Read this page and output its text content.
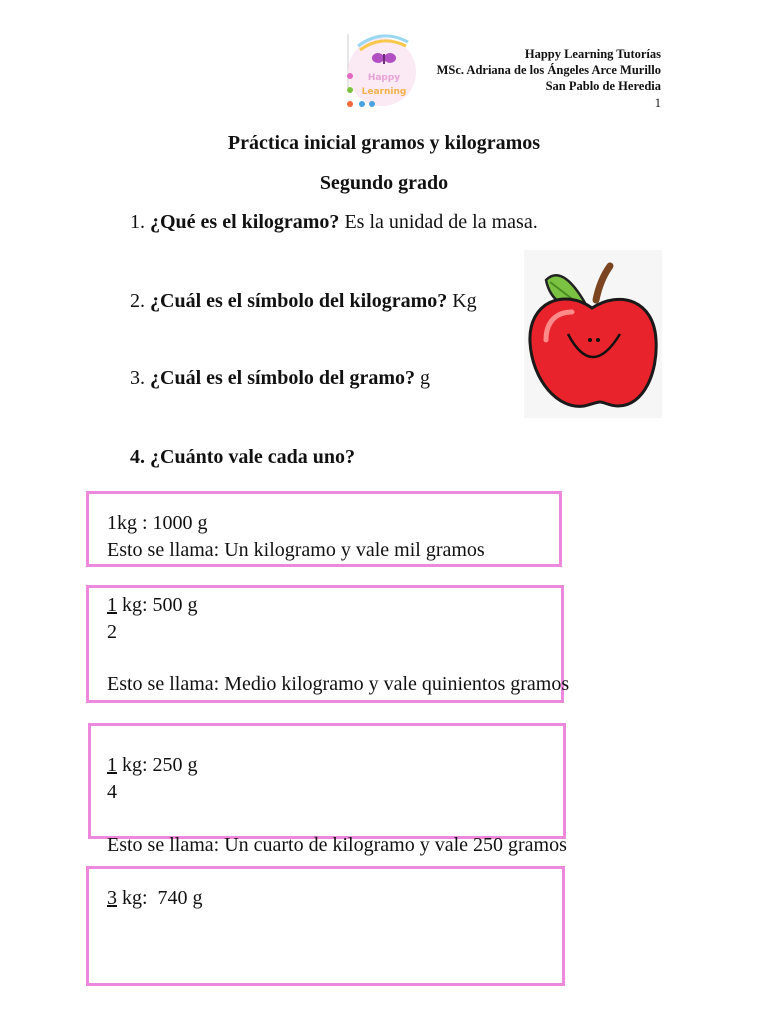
Happy
Learning
Happy Learning Tutorías
MSc. Adriana de los Ángeles Arce Murillo
San Pablo de Heredia
1
Práctica inicial gramos y kilogramos
Segundo grado
1. ¿Qué es el kilogramo? Es la unidad de la masa.
2. ¿Cuál es el símbolo del kilogramo? Kg
3. ¿Cuál es el símbolo del gramo? g
4. ¿Cuánto vale cada uno?
1kg : 1000 g
Esto se llama: Un kilogramo y vale mil gramos
1 kg: 500 g
2
Esto se llama: Medio kilogramo y vale quinientos gramos
1 kg: 250 g
4
Esto se llama: Un cuarto de kilogramo y vale 250 gramos
3 kg:  740 g
